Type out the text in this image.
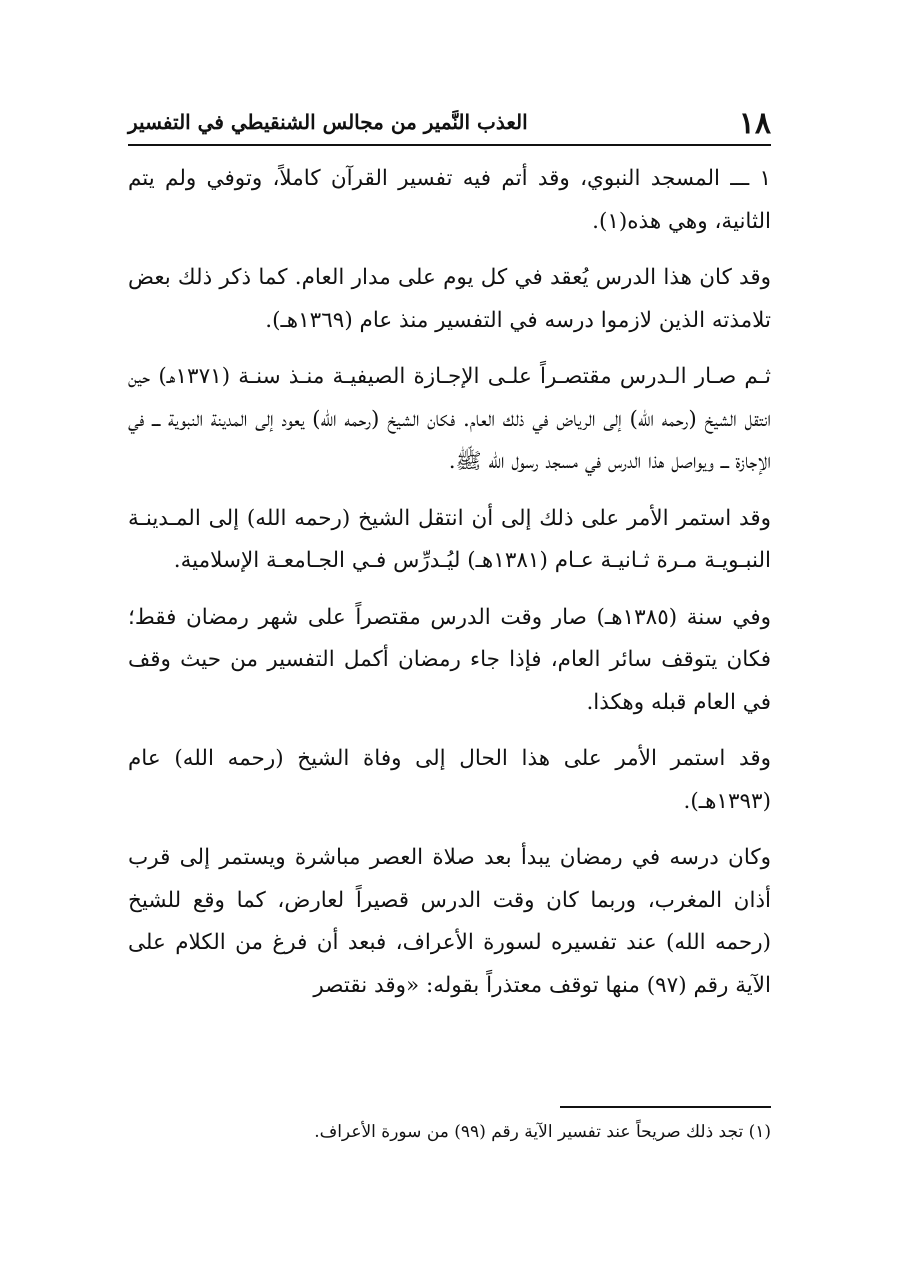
١٨
العذب النَّمير من مجالس الشنقيطي في التفسير

١ ـــ المسجد النبوي، وقد أتم فيه تفسير القرآن كاملاً، وتوفي ولم يتم الثانية، وهي هذه(١).

وقد كان هذا الدرس يُعقد في كل يوم على مدار العام. كما ذكر ذلك بعض تلامذته الذين لازموا درسه في التفسير منذ عام (١٣٦٩هـ).

ثـم صـار الـدرس مقتصـراً علـى الإجـازة الصيفيـة منـذ سنـة (١٣٧١هـ) حين انتقل الشيخ (رحمه الله) إلى الرياض في ذلك العام. فكان الشيخ (رحمه الله) يعود إلى المدينة النبوية ـــ في الإجازة ـــ ويواصل هذا الدرس في مسجد رسول الله ﷺ.

وقد استمر الأمر على ذلك إلى أن انتقل الشيخ (رحمه الله) إلى المـدينـة النبـويـة مـرة ثـانيـة عـام (١٣٨١هـ) ليُـدرِّس فـي الجـامعـة الإسلامية.

وفي سنة (١٣٨٥هـ) صار وقت الدرس مقتصراً على شهر رمضان فقط؛ فكان يتوقف سائر العام، فإذا جاء رمضان أكمل التفسير من حيث وقف في العام قبله وهكذا.

وقد استمر الأمر على هذا الحال إلى وفاة الشيخ (رحمه الله) عام (١٣٩٣هـ).

وكان درسه في رمضان يبدأ بعد صلاة العصر مباشرة ويستمر إلى قرب أذان المغرب، وربما كان وقت الدرس قصيراً لعارض، كما وقع للشيخ (رحمه الله) عند تفسيره لسورة الأعراف، فبعد أن فرغ من الكلام على الآية رقم (٩٧) منها توقف معتذراً بقوله: «وقد نقتصر

(١) تجد ذلك صريحاً عند تفسير الآية رقم (٩٩) من سورة الأعراف.
